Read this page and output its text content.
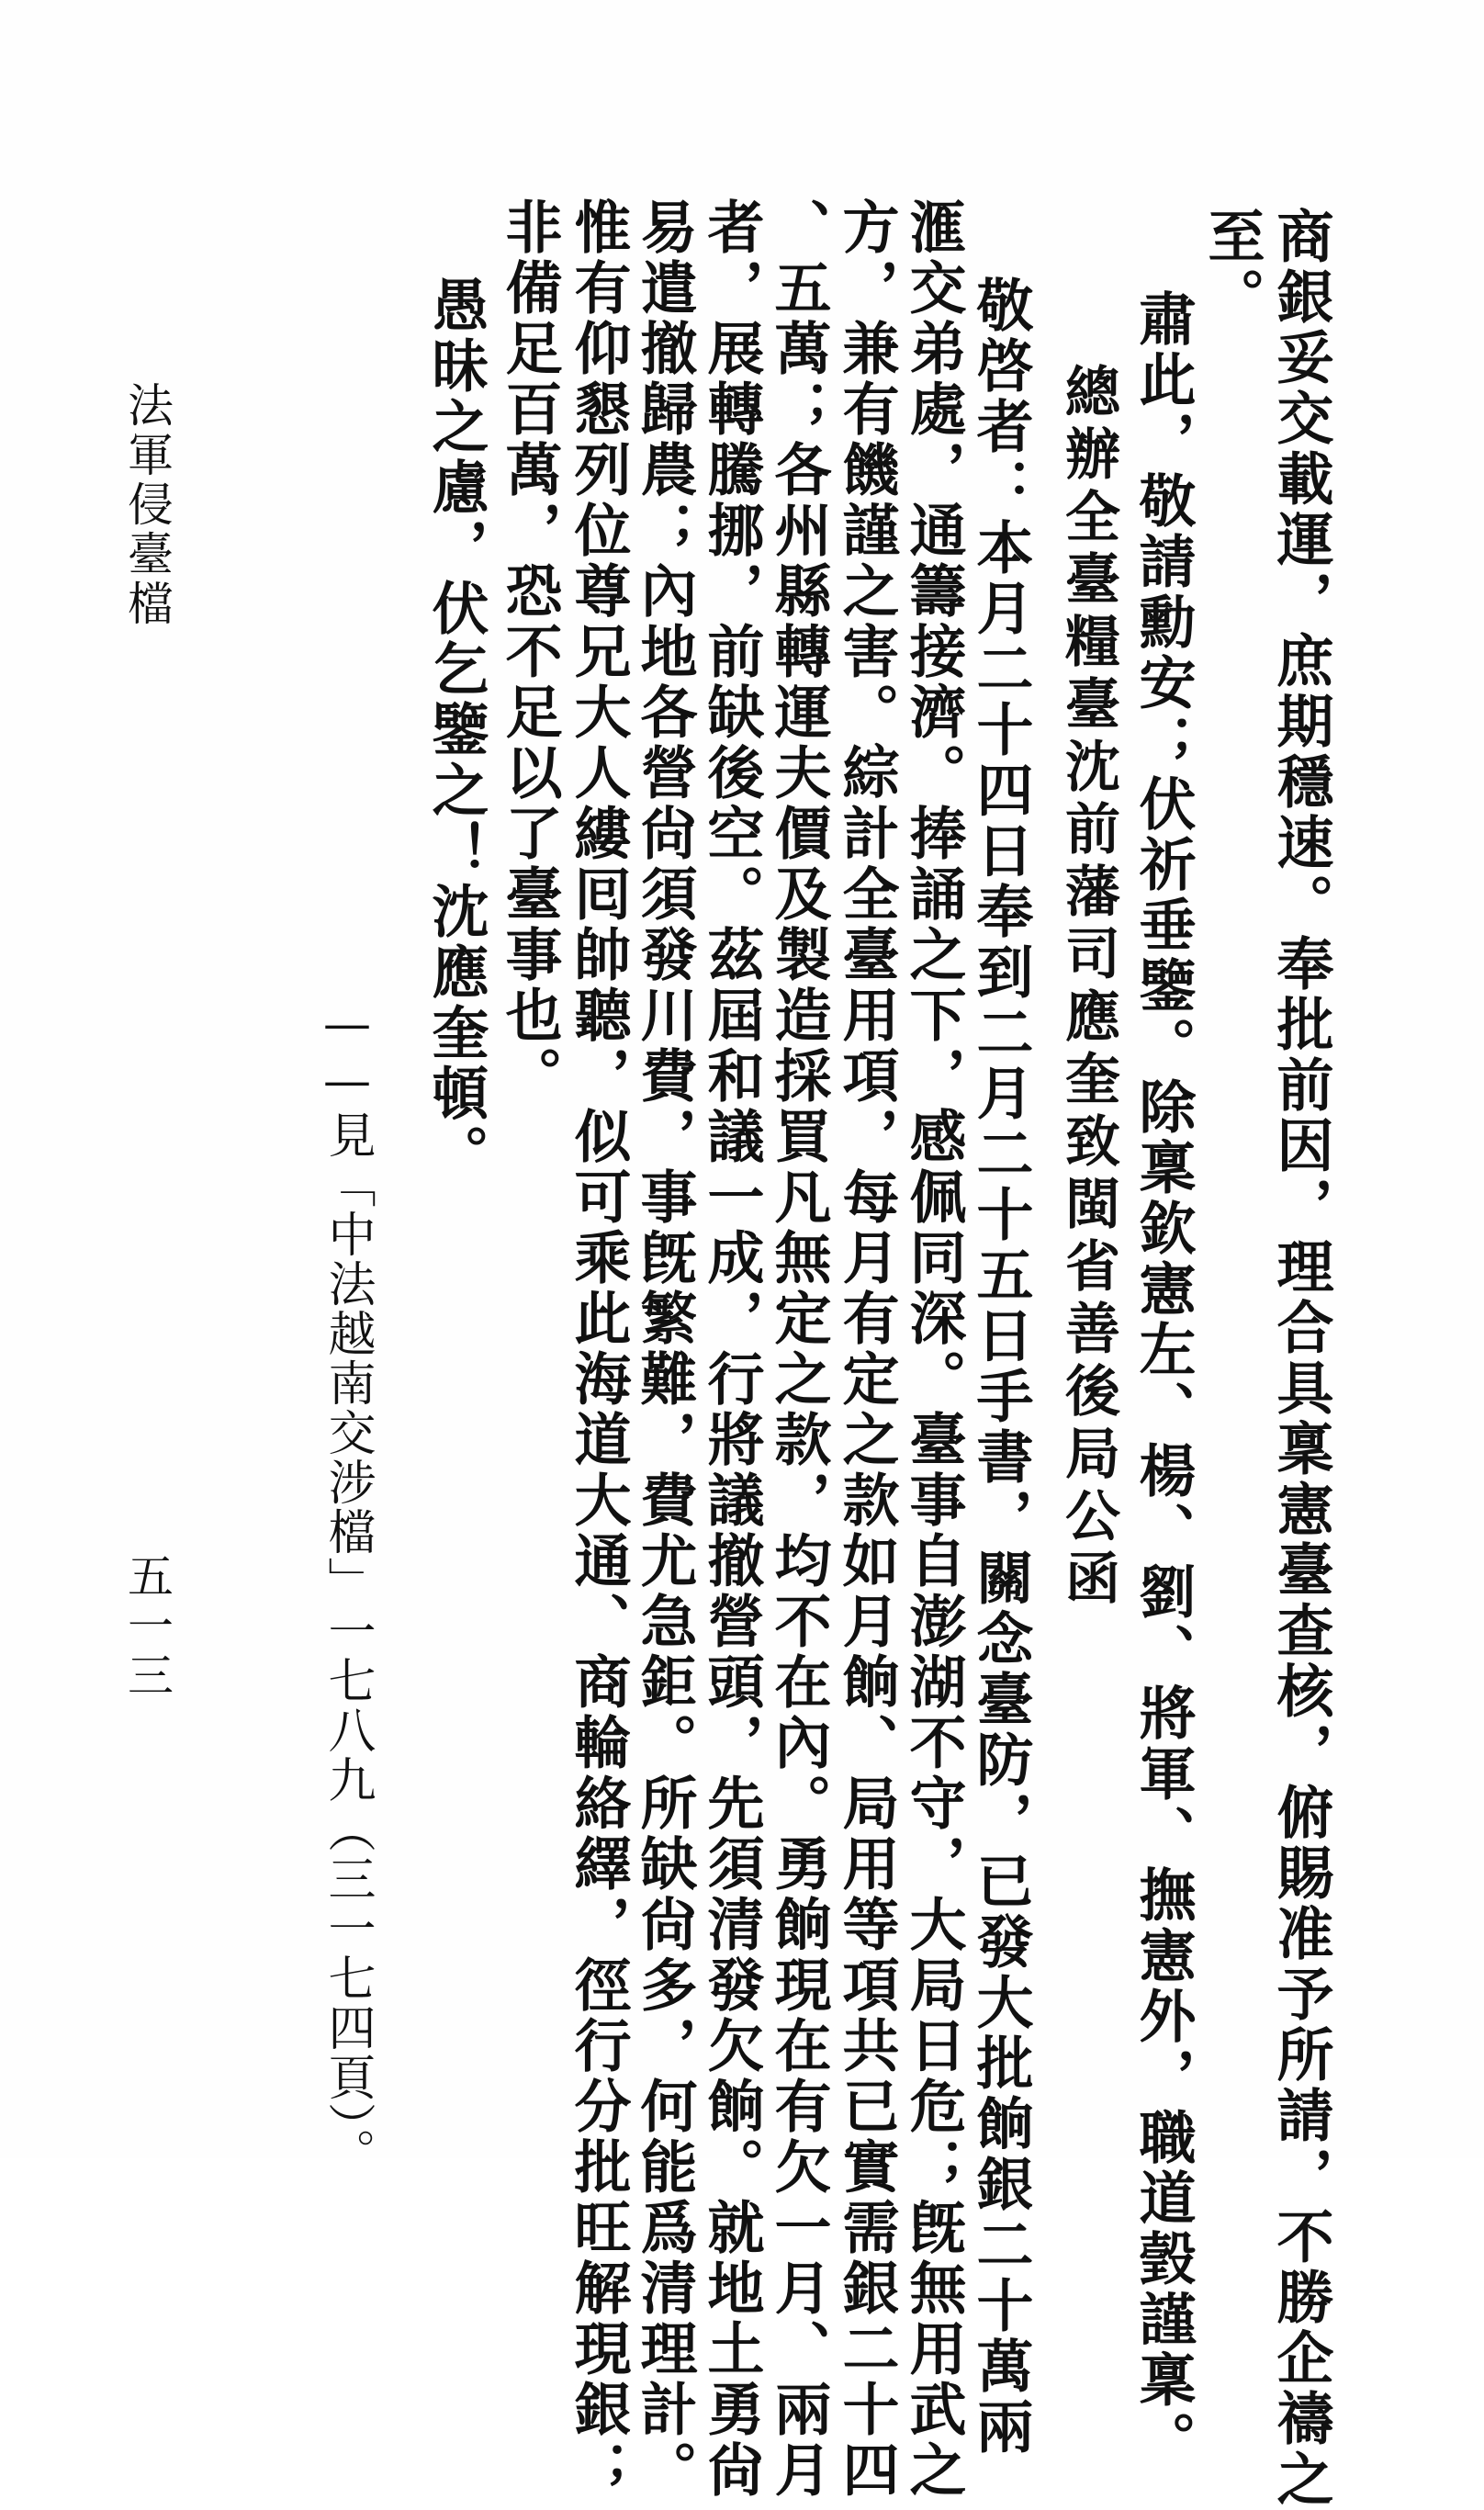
商銀妥交載運，庶期穩速。奉批前因，理合具稟憲臺查核，俯賜准予所請，不勝企禱之
至。
肅此，敬請勳安；伏祈垂鑒。除稟欽憲左、楊、劉、將軍、撫憲外，職道瑴謹稟。
總辦全臺糧臺沈前藩司應奎致閩省善後局公函
敬啓者：本月二十四日奉到二月二十五日手書，關念臺防，已發大批餉銀二十萬兩
滙交弟處，通籌接濟。捧誦之下，感佩同深。臺事自澎湖不守，大局日危；旣無用武之
方，兼有饑謹之害。綜計全臺用項，每月有定之款如月餉、局用等項共已實需銀二十四
、五萬；各州縣轉運夫價及製造採買凡無定之款，均不在內。勇餉現在有欠一月、兩月
者，展轉騰挪，前缺後空。茲屆和議一成，行將議撤營頭，先須清發欠餉。就地土勇尙
易遣撤歸農；內地各營尙須發川費，事旣繁難，費尤急鉅。所缺尙多，何能爲清理計。
惟有仰懇列位尊兄大人縷囘帥聽，似可乘此海道大通、商輪絡繹，徑行分批旺解現銀；
非備足百萬，恐不足以了臺事也。
愚昧之慮，伏乞鑒之！沈應奎頓。
——見「中法越南交涉檔」一七八九（三一七四頁）。
法軍侵臺檔
五一三
